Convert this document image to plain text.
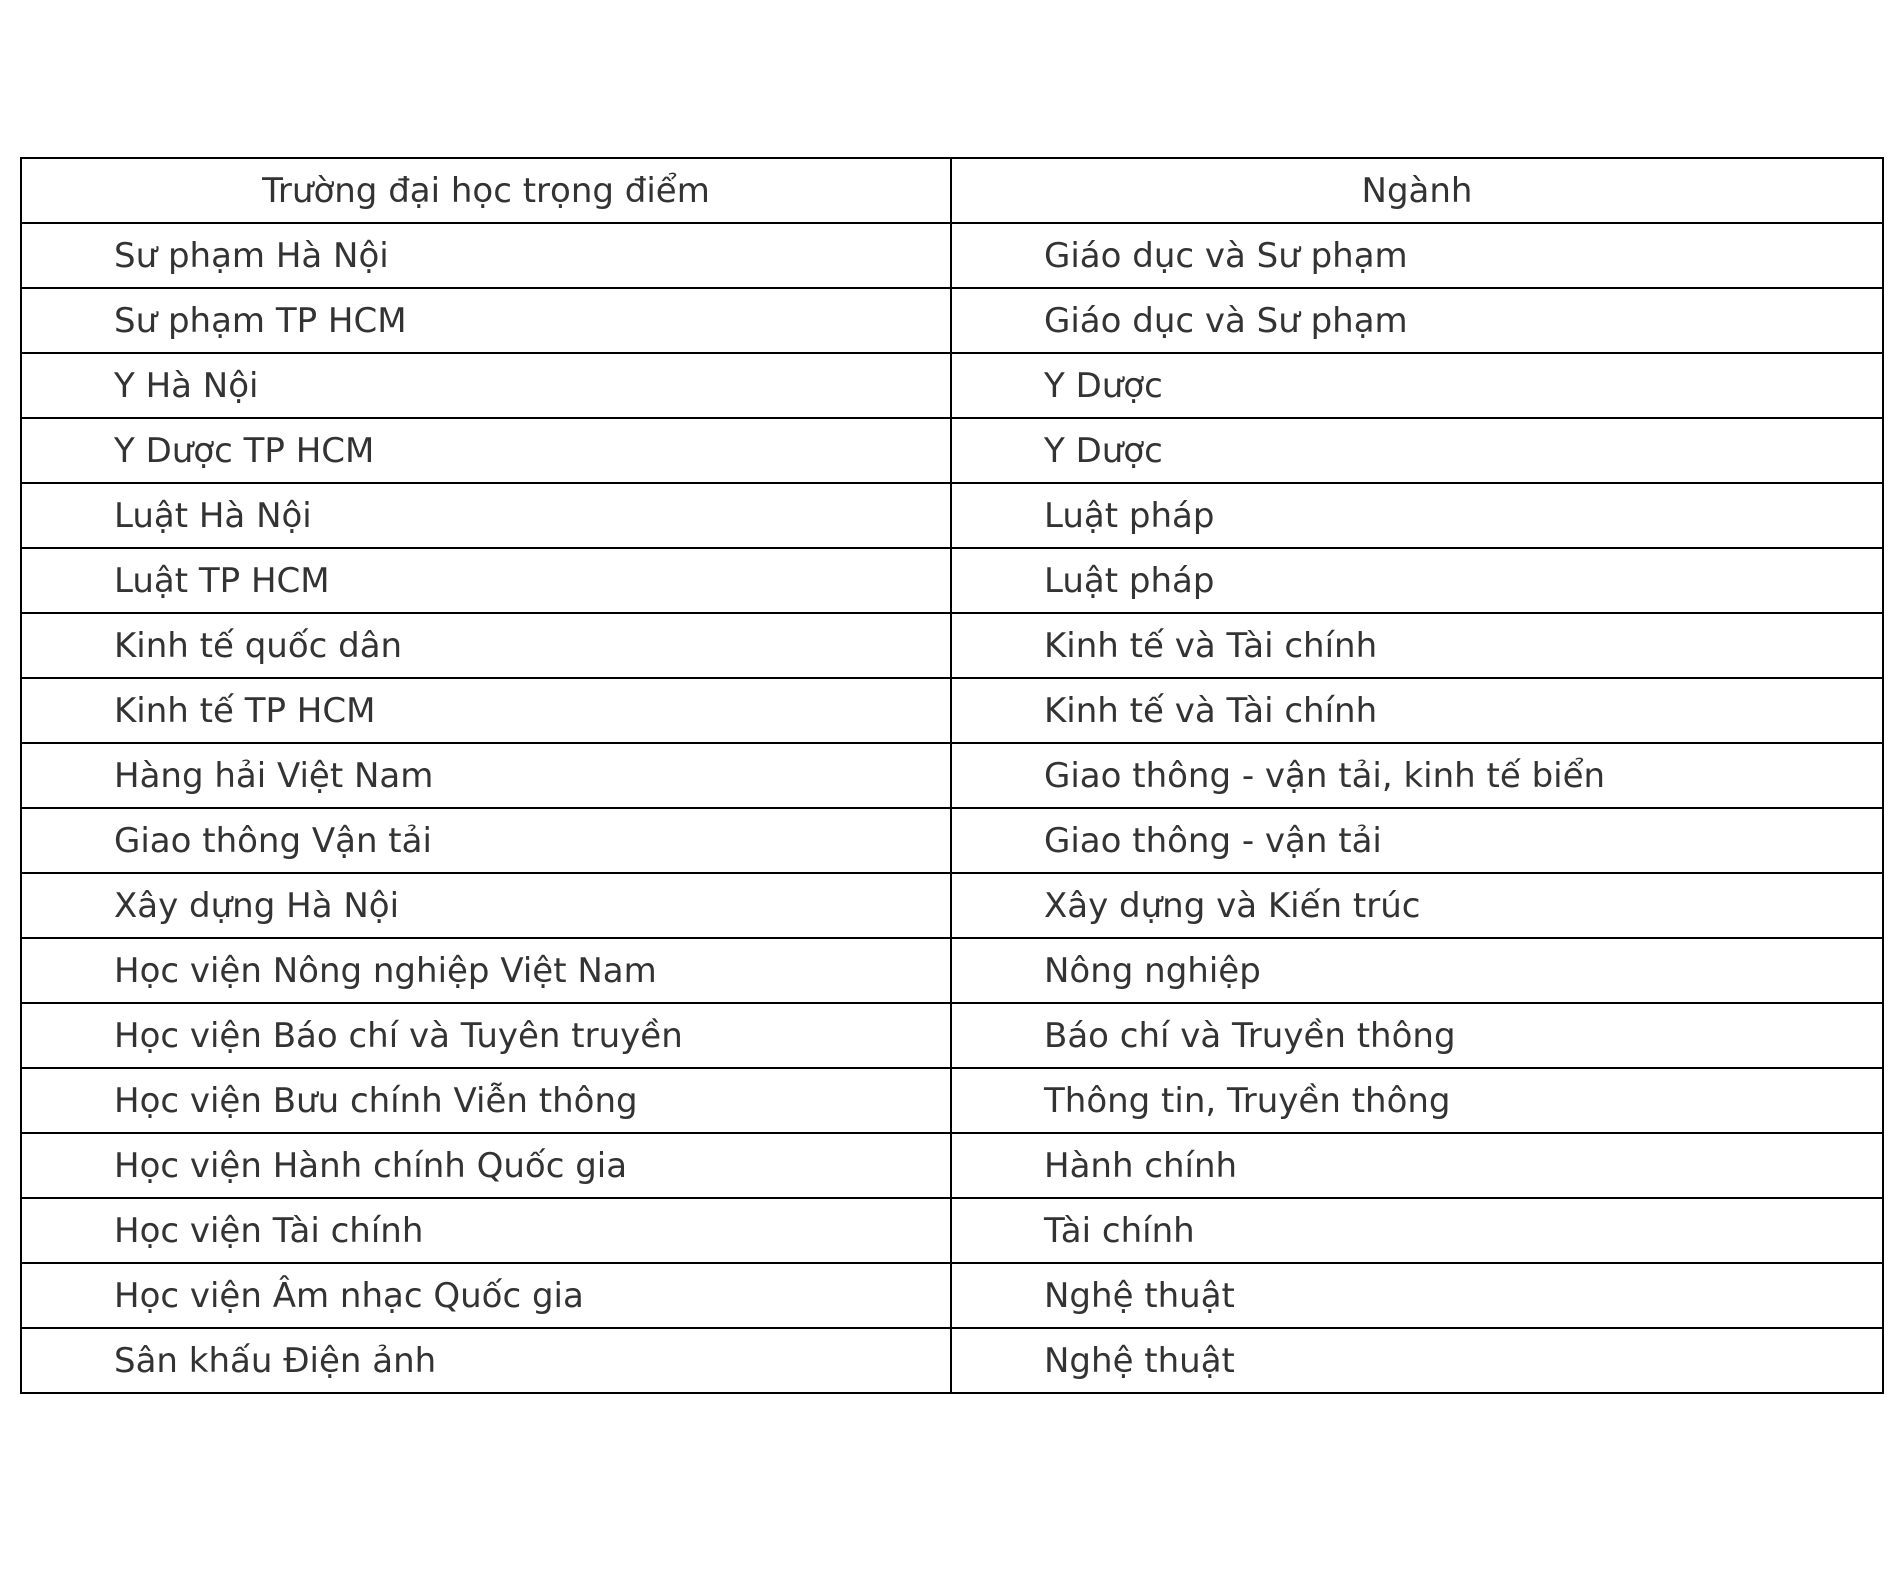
Trường đại học trọng điểm	Ngành
Sư phạm Hà Nội	Giáo dục và Sư phạm
Sư phạm TP HCM	Giáo dục và Sư phạm
Y Hà Nội	Y Dược
Y Dược TP HCM	Y Dược
Luật Hà Nội	Luật pháp
Luật TP HCM	Luật pháp
Kinh tế quốc dân	Kinh tế và Tài chính
Kinh tế TP HCM	Kinh tế và Tài chính
Hàng hải Việt Nam	Giao thông - vận tải, kinh tế biển
Giao thông Vận tải	Giao thông - vận tải
Xây dựng Hà Nội	Xây dựng và Kiến trúc
Học viện Nông nghiệp Việt Nam	Nông nghiệp
Học viện Báo chí và Tuyên truyền	Báo chí và Truyền thông
Học viện Bưu chính Viễn thông	Thông tin, Truyền thông
Học viện Hành chính Quốc gia	Hành chính
Học viện Tài chính	Tài chính
Học viện Âm nhạc Quốc gia	Nghệ thuật
Sân khấu Điện ảnh	Nghệ thuật
